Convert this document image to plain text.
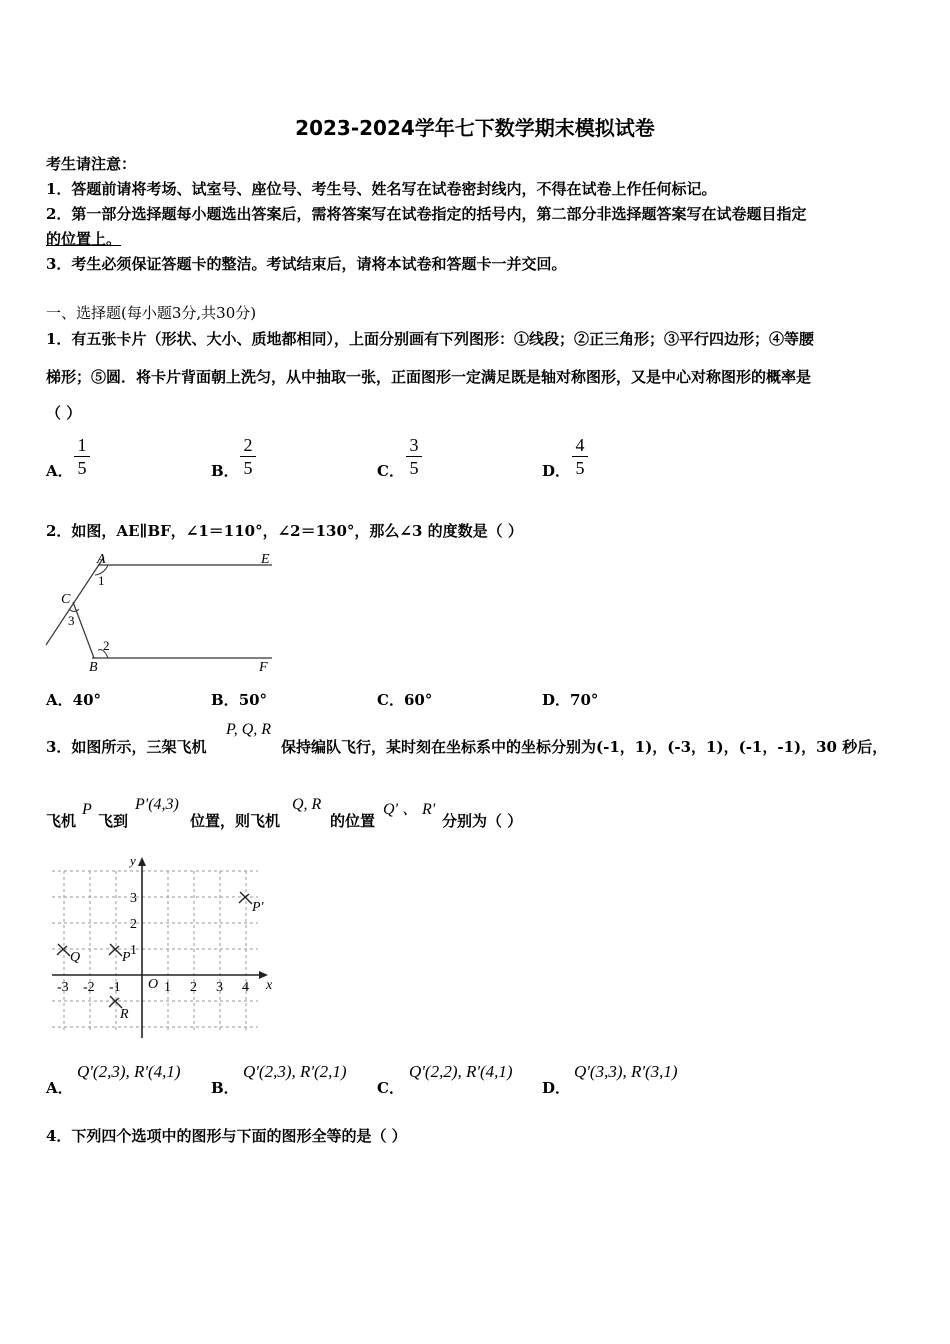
2023-2024学年七下数学期末模拟试卷
考生请注意：
1．答题前请将考场、试室号、座位号、考生号、姓名写在试卷密封线内，不得在试卷上作任何标记。
2．第一部分选择题每小题选出答案后，需将答案写在试卷指定的括号内，第二部分非选择题答案写在试卷题目指定
的位置上。
3．考生必须保证答题卡的整洁。考试结束后，请将本试卷和答题卡一并交回。
一、选择题(每小题3分,共30分)
1．有五张卡片（形状、大小、质地都相同），上面分别画有下列图形：①线段；②正三角形；③平行四边形；④等腰
梯形；⑤圆．将卡片背面朝上洗匀，从中抽取一张，正面图形一定满足既是轴对称图形，又是中心对称图形的概率是
（ ）
A．
1
5	B．
2
5	C．
3
5	D．
4
5
2．如图，AE∥BF，∠1＝110°，∠2＝130°，那么∠3 的度数是（ ）
A	E
C
B	F
1
2
3
A．40°	B．50°	C．60°	D．70°
3．如图所示，三架飞机
P, Q, R
保持编队飞行，某时刻在坐标系中的坐标分别为(-1，1)，(-3，1)，(-1，-1)，30 秒后，
飞机
P
飞到
P'(4,3)
位置，则飞机
Q, R
的位置
Q' 、 R'
分别为（ ）
x
y
O
-3 -2 -1	1 2 3 4
1
2
3
Q	P
R
P'
A．
Q'(2,3), R'(4,1)
B．
Q'(2,3), R'(2,1)
C．
Q'(2,2), R'(4,1)
D．
Q'(3,3), R'(3,1)
4．下列四个选项中的图形与下面的图形全等的是（ ）
